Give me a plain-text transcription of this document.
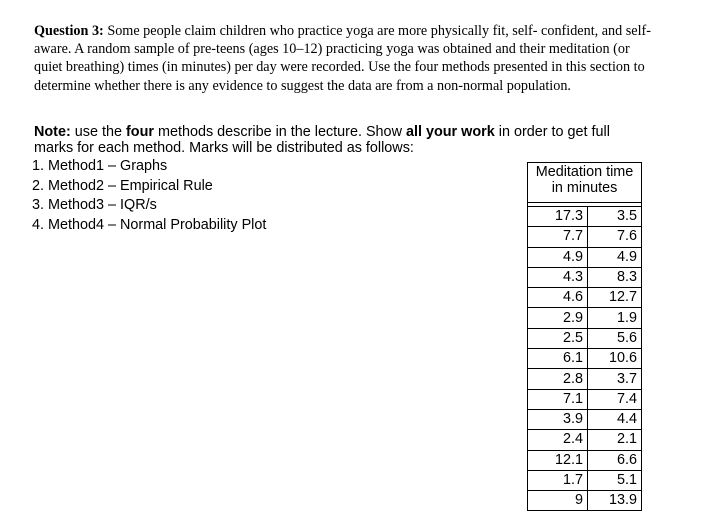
Question 3: Some people claim children who practice yoga are more physically fit, self- confident, and self-aware. A random sample of pre-teens (ages 10–12) practicing yoga was obtained and their meditation (or quiet breathing) times (in minutes) per day were recorded. Use the four methods presented in this section to determine whether there is any evidence to suggest the data are from a non-normal population.
Note: use the four methods describe in the lecture. Show all your work in order to get full marks for each method. Marks will be distributed as follows:
1. Method1 – Graphs
2. Method2 – Empirical Rule
3. Method3 – IQR/s
4. Method4 – Normal Probability Plot
Meditation time
in minutes	

17.3	3.5
7.7	7.6
4.9	4.9
4.3	8.3
4.6	12.7
2.9	1.9
2.5	5.6
6.1	10.6
2.8	3.7
7.1	7.4
3.9	4.4
2.4	2.1
12.1	6.6
1.7	5.1
9	13.9
